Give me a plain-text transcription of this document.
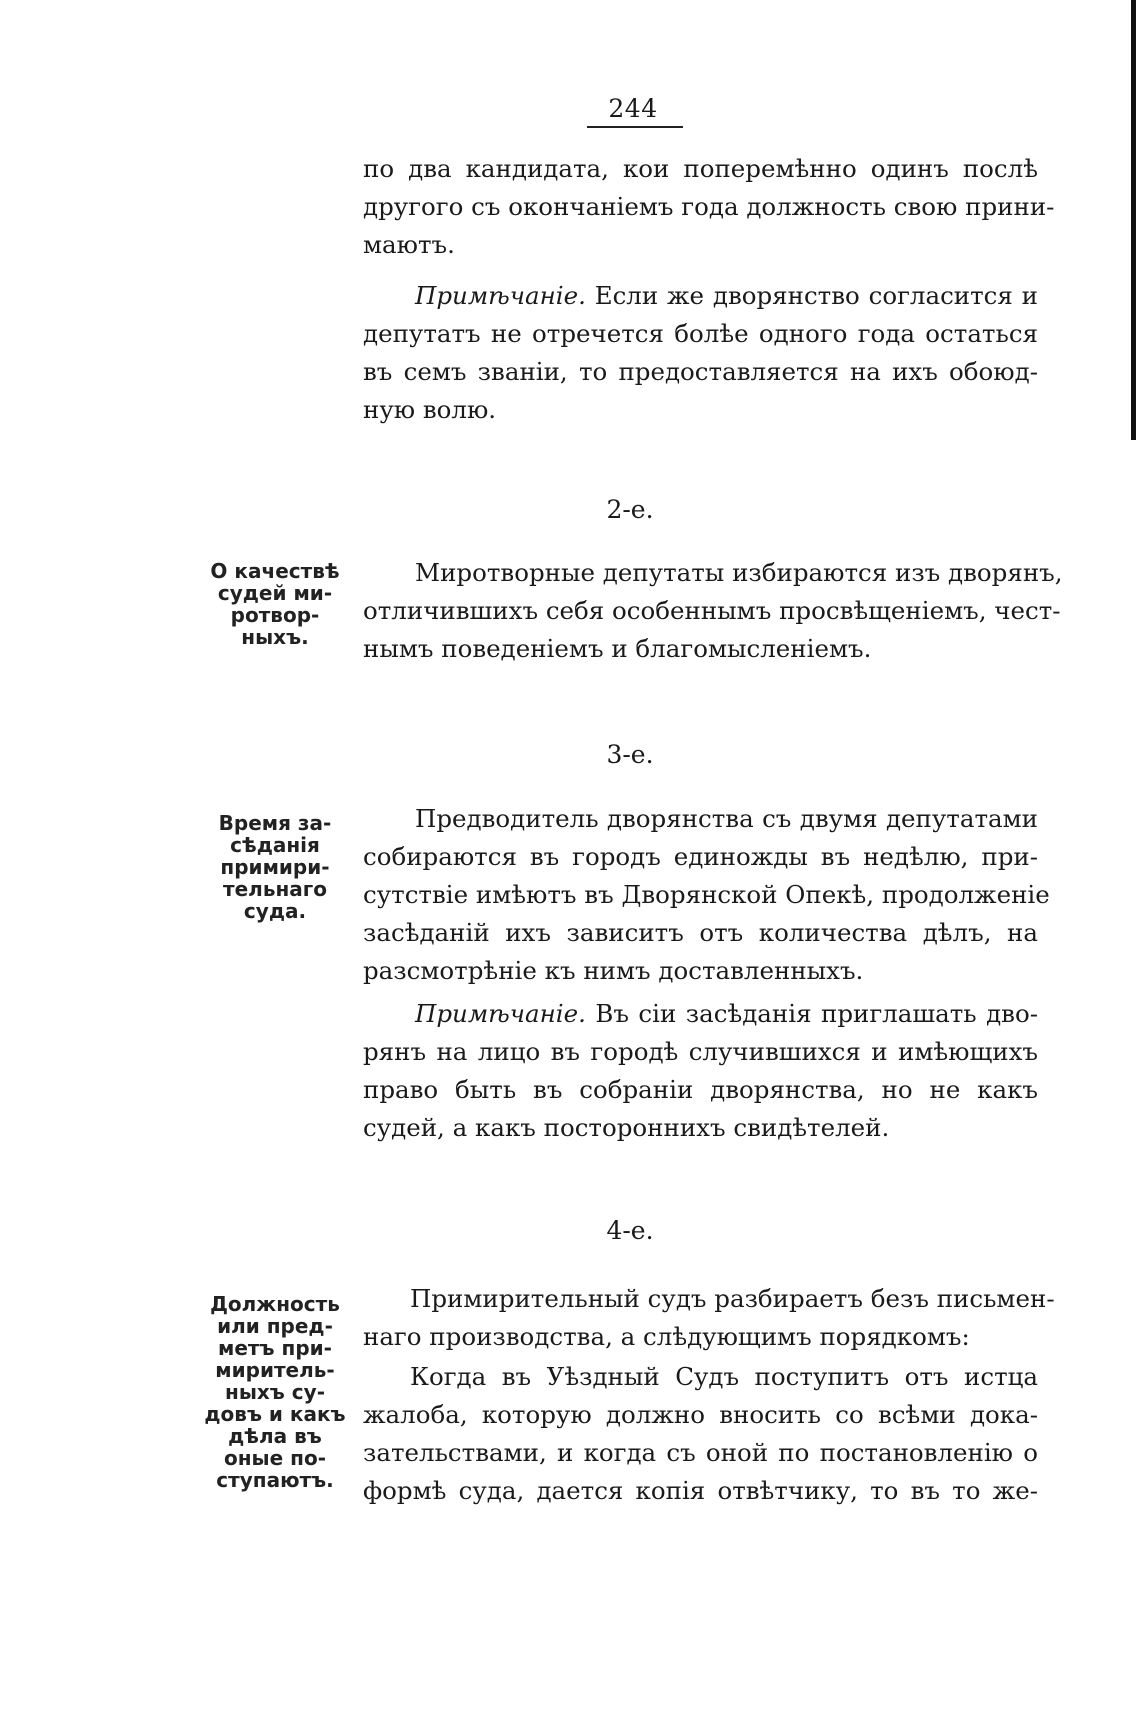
244

по два кандидата, кои поперемѣнно одинъ послѣ
другого съ окончаніемъ года должность свою прини-
маютъ.

Примѣчаніе. Если же дворянство согласится и
депутатъ не отречется болѣе одного года остаться
въ семъ званіи, то предоставляется на ихъ обоюд-
ную волю.

2-е.
О качествѣ
судей ми-
ротвор-
ныхъ.

Миротворные депутаты избираются изъ дворянъ,
отличившихъ себя особеннымъ просвѣщеніемъ, чест-
нымъ поведеніемъ и благомысленіемъ.

3-е.
Время за-
сѣданія
примири-
тельнаго
суда.

Предводитель дворянства съ двумя депутатами
собираются въ городъ единожды въ недѣлю, при-
сутствіе имѣютъ въ Дворянской Опекѣ, продолженіе
засѣданій ихъ зависитъ отъ количества дѣлъ, на
разсмотрѣніе къ нимъ доставленныхъ.

Примѣчаніе. Въ сіи засѣданія приглашать дво-
рянъ на лицо въ городѣ случившихся и имѣющихъ
право быть въ собраніи дворянства, но не какъ
судей, а какъ постороннихъ свидѣтелей.

4-е.
Должность
или пред-
метъ при-
миритель-
ныхъ су-
довъ и какъ
дѣла въ
оные по-
ступаютъ.

Примирительный судъ разбираетъ безъ письмен-
наго производства, а слѣдующимъ порядкомъ:

Когда въ Уѣздный Судъ поступитъ отъ истца
жалоба, которую должно вносить со всѣми дока-
зательствами, и когда съ оной по постановленію о
формѣ суда, дается копія отвѣтчику, то въ то же-
